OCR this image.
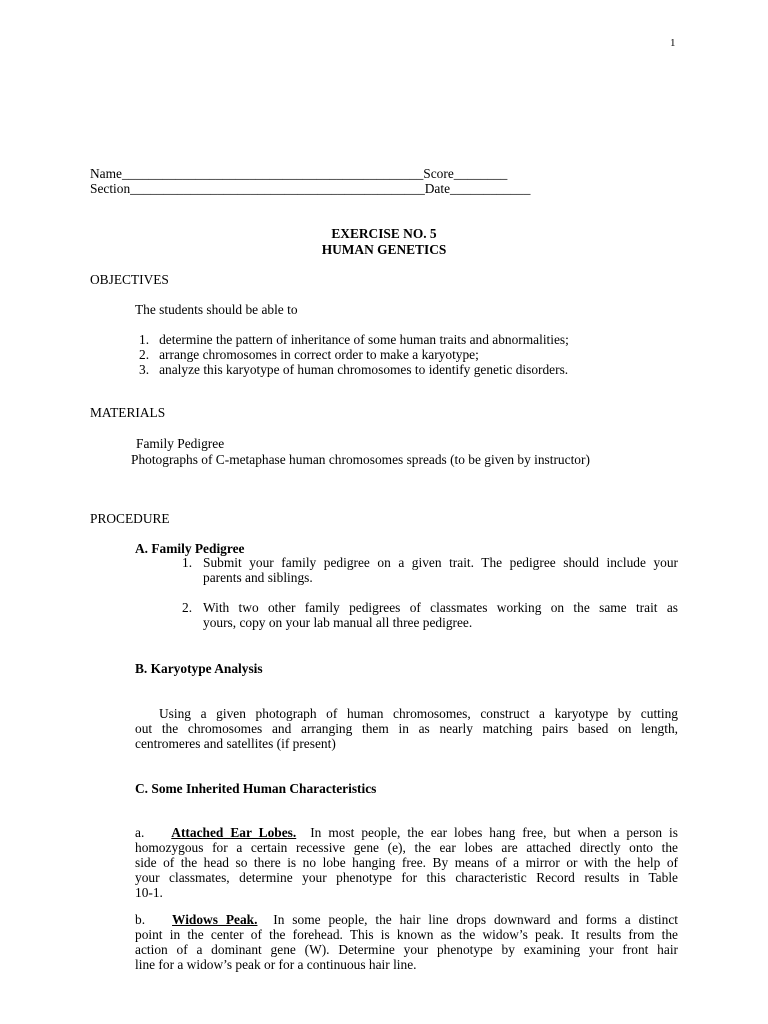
1
Name_____________________________________________Score________
Section____________________________________________Date____________
EXERCISE NO. 5
HUMAN GENETICS
OBJECTIVES
The students should be able to
1. determine the pattern of inheritance of some human traits and abnormalities;
2. arrange chromosomes in correct order to make a karyotype;
3. analyze this karyotype of human chromosomes to identify genetic disorders.
MATERIALS
Family Pedigree
Photographs of C-metaphase human chromosomes spreads (to be given by instructor)
PROCEDURE
A. Family Pedigree
1. Submit your family pedigree on a given trait. The pedigree should include your
parents and siblings.
2. With two other family pedigrees of classmates working on the same trait as
yours, copy on your lab manual all three pedigree.
B. Karyotype Analysis
Using a given photograph of human chromosomes, construct a karyotype by cutting
out the chromosomes and arranging them in as nearly matching pairs based on length,
centromeres and satellites (if present)
C. Some Inherited Human Characteristics
a. Attached Ear Lobes. In most people, the ear lobes hang free, but when a person is
homozygous for a certain recessive gene (e), the ear lobes are attached directly onto the
side of the head so there is no lobe hanging free. By means of a mirror or with the help of
your classmates, determine your phenotype for this characteristic Record results in Table
10-1.
b. Widows Peak. In some people, the hair line drops downward and forms a distinct
point in the center of the forehead. This is known as the widow’s peak. It results from the
action of a dominant gene (W). Determine your phenotype by examining your front hair
line for a widow’s peak or for a continuous hair line.
